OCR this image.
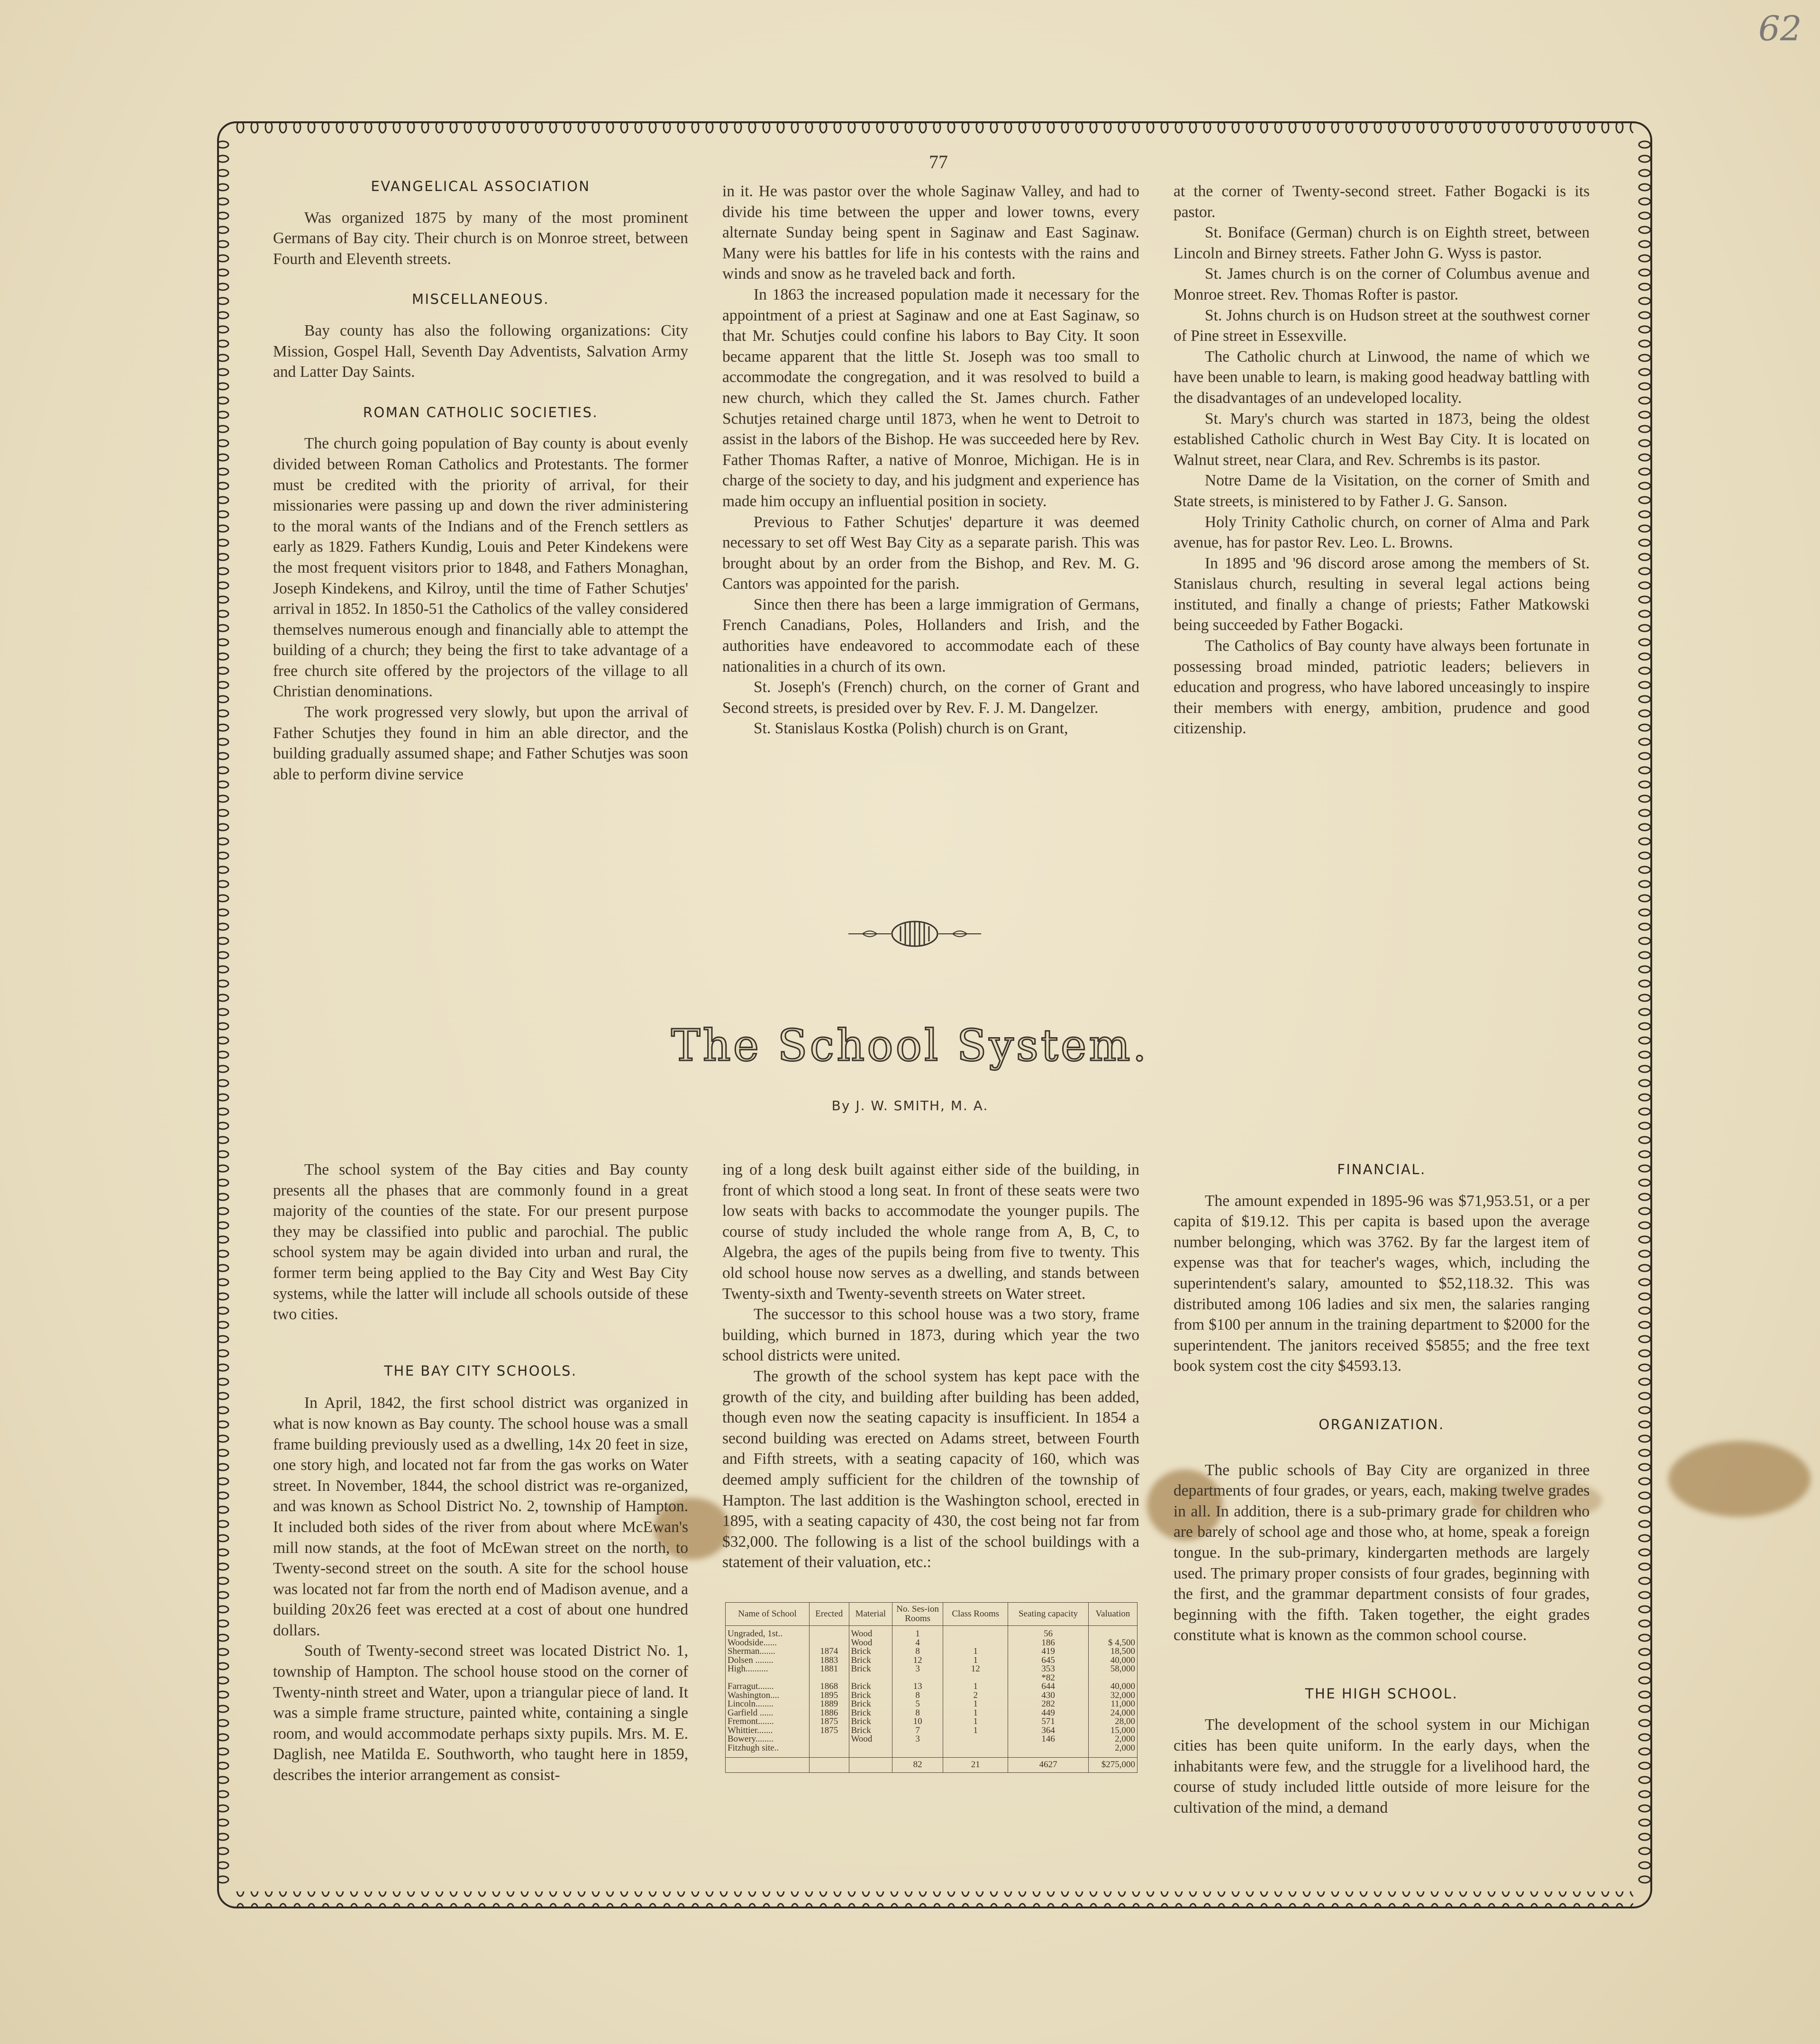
62
77
EVANGELICAL ASSOCIATION

Was organized 1875 by many of the most prominent Germans of Bay city. Their church is on Monroe street, between Fourth and Eleventh streets.

MISCELLANEOUS.

Bay county has also the following organizations: City Mission, Gospel Hall, Seventh Day Adventists, Salvation Army and Latter Day Saints.

ROMAN CATHOLIC SOCIETIES.

The church going population of Bay county is about evenly divided between Roman Catholics and Protestants. The former must be credited with the priority of arrival, for their missionaries were passing up and down the river administering to the moral wants of the Indians and of the French settlers as early as 1829. Fathers Kundig, Louis and Peter Kindekens were the most frequent visitors prior to 1848, and Fathers Monaghan, Joseph Kindekens, and Kilroy, until the time of Father Schutjes' arrival in 1852. In 1850-51 the Catholics of the valley considered themselves numerous enough and financially able to attempt the building of a church; they being the first to take advantage of a free church site offered by the projectors of the village to all Christian denominations.

The work progressed very slowly, but upon the arrival of Father Schutjes they found in him an able director, and the building gradually assumed shape; and Father Schutjes was soon able to perform divine service

in it. He was pastor over the whole Saginaw Valley, and had to divide his time between the upper and lower towns, every alternate Sunday being spent in Saginaw and East Saginaw. Many were his battles for life in his contests with the rains and winds and snow as he traveled back and forth.

In 1863 the increased population made it necessary for the appointment of a priest at Saginaw and one at East Saginaw, so that Mr. Schutjes could confine his labors to Bay City. It soon became apparent that the little St. Joseph was too small to accommodate the congregation, and it was resolved to build a new church, which they called the St. James church. Father Schutjes retained charge until 1873, when he went to Detroit to assist in the labors of the Bishop. He was succeeded here by Rev. Father Thomas Rafter, a native of Monroe, Michigan. He is in charge of the society to day, and his judgment and experience has made him occupy an influential position in society.

Previous to Father Schutjes' departure it was deemed necessary to set off West Bay City as a separate parish. This was brought about by an order from the Bishop, and Rev. M. G. Cantors was appointed for the parish.

Since then there has been a large immigration of Germans, French Canadians, Poles, Hollanders and Irish, and the authorities have endeavored to accommodate each of these nationalities in a church of its own.

St. Joseph's (French) church, on the corner of Grant and Second streets, is presided over by Rev. F. J. M. Dangelzer.

St. Stanislaus Kostka (Polish) church is on Grant,

at the corner of Twenty-second street. Father Bogacki is its pastor.

St. Boniface (German) church is on Eighth street, between Lincoln and Birney streets. Father John G. Wyss is pastor.

St. James church is on the corner of Columbus avenue and Monroe street. Rev. Thomas Rofter is pastor.

St. Johns church is on Hudson street at the southwest corner of Pine street in Essexville.

The Catholic church at Linwood, the name of which we have been unable to learn, is making good headway battling with the disadvantages of an undeveloped locality.

St. Mary's church was started in 1873, being the oldest established Catholic church in West Bay City. It is located on Walnut street, near Clara, and Rev. Schrembs is its pastor.

Notre Dame de la Visitation, on the corner of Smith and State streets, is ministered to by Father J. G. Sanson.

Holy Trinity Catholic church, on corner of Alma and Park avenue, has for pastor Rev. Leo. L. Browns.

In 1895 and '96 discord arose among the members of St. Stanislaus church, resulting in several legal actions being instituted, and finally a change of priests; Father Matkowski being succeeded by Father Bogacki.

The Catholics of Bay county have always been fortunate in possessing broad minded, patriotic leaders; believers in education and progress, who have labored unceasingly to inspire their members with energy, ambition, prudence and good citizenship.

The School System.
By J. W. SMITH, M. A.

The school system of the Bay cities and Bay county presents all the phases that are commonly found in a great majority of the counties of the state. For our present purpose they may be classified into public and parochial. The public school system may be again divided into urban and rural, the former term being applied to the Bay City and West Bay City systems, while the latter will include all schools outside of these two cities.

THE BAY CITY SCHOOLS.

In April, 1842, the first school district was organized in what is now known as Bay county. The school house was a small frame building previously used as a dwelling, 14x 20 feet in size, one story high, and located not far from the gas works on Water street. In November, 1844, the school district was re-organized, and was known as School District No. 2, township of Hampton. It included both sides of the river from about where McEwan's mill now stands, at the foot of McEwan street on the north, to Twenty-second street on the south. A site for the school house was located not far from the north end of Madison avenue, and a building 20x26 feet was erected at a cost of about one hundred dollars.

South of Twenty-second street was located District No. 1, township of Hampton. The school house stood on the corner of Twenty-ninth street and Water, upon a triangular piece of land. It was a simple frame structure, painted white, containing a single room, and would accommodate perhaps sixty pupils. Mrs. M. E. Daglish, nee Matilda E. Southworth, who taught here in 1859, describes the interior arrangement as consist-

ing of a long desk built against either side of the building, in front of which stood a long seat. In front of these seats were two low seats with backs to accommodate the younger pupils. The course of study included the whole range from A, B, C, to Algebra, the ages of the pupils being from five to twenty. This old school house now serves as a dwelling, and stands between Twenty-sixth and Twenty-seventh streets on Water street.

The successor to this school house was a two story, frame building, which burned in 1873, during which year the two school districts were united.

The growth of the school system has kept pace with the growth of the city, and building after building has been added, though even now the seating capacity is insufficient. In 1854 a second building was erected on Adams street, between Fourth and Fifth streets, with a seating capacity of 160, which was deemed amply sufficient for the children of the township of Hampton. The last addition is the Washington school, erected in 1895, with a seating capacity of 430, the cost being not far from $32,000. The following is a list of the school buildings with a statement of their valuation, etc.:

Name of School	Erected	Material	No. Ses-ion Rooms	Class Rooms	Seating capacity	Valuation
Ungraded, 1st..		Wood	1		56	
Woodside......		Wood	4		186	$ 4,500
Sherman.......	1874	Brick	8	1	419	18,500
Dolsen ........	1883	Brick	12	1	645	40,000
High..........	1881	Brick	3	12	353	58,000
					*82	
Farragut.......	1868	Brick	13	1	644	40,000
Washington....	1895	Brick	8	2	430	32,000
Lincoln........	1889	Brick	5	1	282	11,000
Garfield ......	1886	Brick	8	1	449	24,000
Fremont.......	1875	Brick	10	1	571	28,00
Whittier.......	1875	Brick	7	1	364	15,000
Bowery........		Wood	3		146	2,000
Fitzhugh site..						2,000
			82	21	4627	$275,000
FINANCIAL.

The amount expended in 1895-96 was $71,953.51, or a per capita of $19.12. This per capita is based upon the average number belonging, which was 3762. By far the largest item of expense was that for teacher's wages, which, including the superintendent's salary, amounted to $52,118.32. This was distributed among 106 ladies and six men, the salaries ranging from $100 per annum in the training department to $2000 for the superintendent. The janitors received $5855; and the free text book system cost the city $4593.13.

ORGANIZATION.

The public schools of Bay City are organized in three departments of four grades, or years, each, making twelve grades in all. In addition, there is a sub-primary grade for children who are barely of school age and those who, at home, speak a foreign tongue. In the sub-primary, kindergarten methods are largely used. The primary proper consists of four grades, beginning with the first, and the grammar department consists of four grades, beginning with the fifth. Taken together, the eight grades constitute what is known as the common school course.

THE HIGH SCHOOL.

The development of the school system in our Michigan cities has been quite uniform. In the early days, when the inhabitants were few, and the struggle for a livelihood hard, the course of study included little outside of more leisure for the cultivation of the mind, a demand
